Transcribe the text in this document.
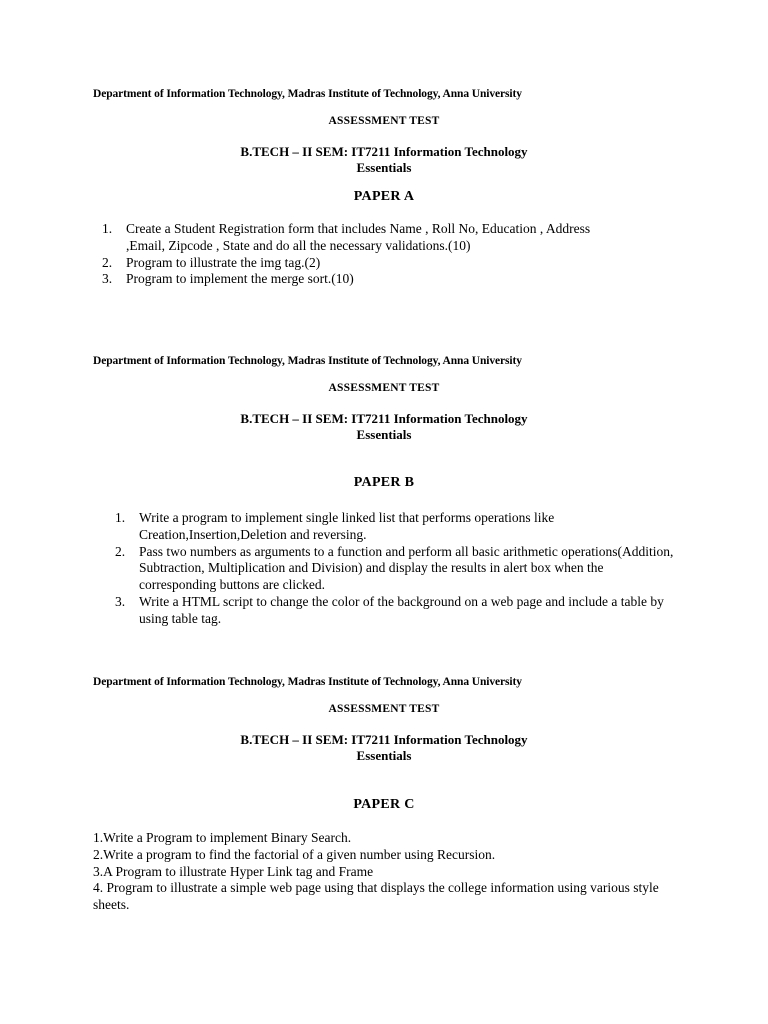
Department of Information Technology, Madras Institute of Technology, Anna University
ASSESSMENT TEST
B.TECH – II SEM: IT7211 Information Technology
Essentials
PAPER A
1. Create a Student Registration form that includes Name , Roll No, Education , Address ,Email, Zipcode , State and do all the necessary validations.(10)
2. Program to illustrate the img tag.(2)
3. Program to implement the merge sort.(10)
Department of Information Technology, Madras Institute of Technology, Anna University
ASSESSMENT TEST
B.TECH – II SEM: IT7211 Information Technology
Essentials
PAPER B
1. Write a program to implement single linked list that performs operations like Creation,Insertion,Deletion and reversing.
2. Pass two numbers as arguments to a function and perform all basic arithmetic operations(Addition, Subtraction, Multiplication and Division) and display the results in alert box when the corresponding buttons are clicked.
3. Write a HTML script to change the color of the background on a web page and include a table by using table tag.
Department of Information Technology, Madras Institute of Technology, Anna University
ASSESSMENT TEST
B.TECH – II SEM: IT7211 Information Technology
Essentials
PAPER C
1.Write a Program to implement Binary Search.
2.Write a program to find the factorial of a given number using Recursion.
3.A Program to illustrate Hyper Link tag and Frame
4. Program to illustrate a simple web page using that displays the college information using various style sheets.
